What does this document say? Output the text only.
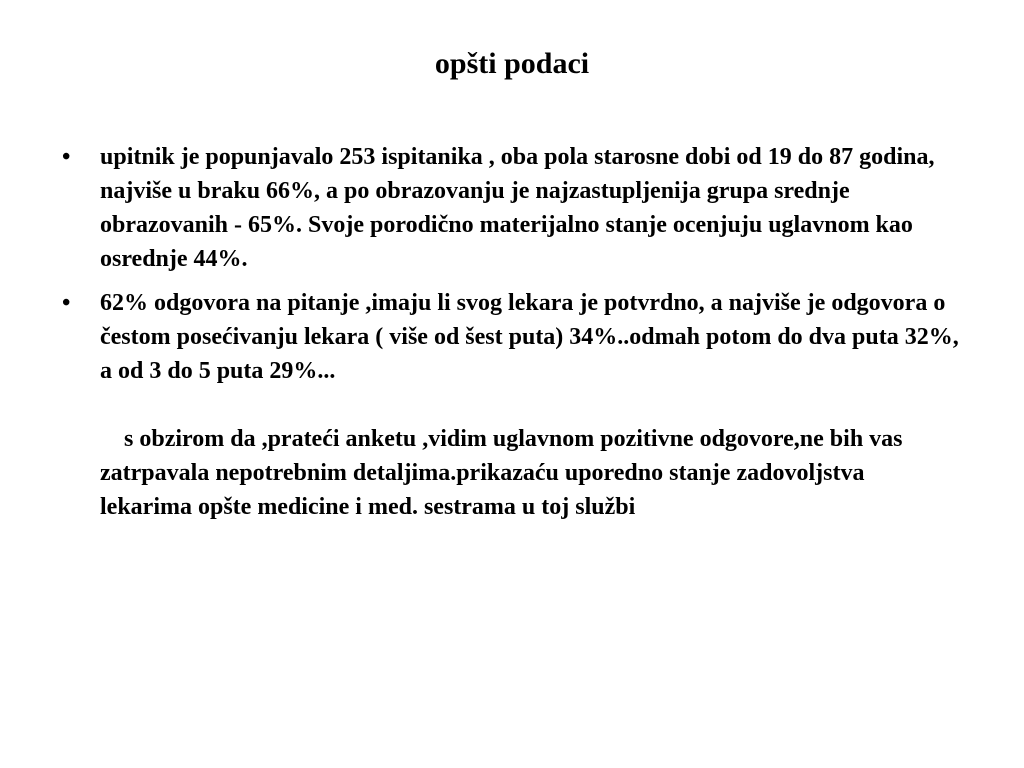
opšti podaci
•	upitnik je popunjavalo 253 ispitanika , oba pola starosne dobi od 19 do 87 godina, najviše u braku 66%, a po obrazovanju je najzastupljenija grupa srednje obrazovanih - 65%. Svoje porodično materijalno stanje ocenjuju uglavnom kao osrednje 44%.
•	62% odgovora na pitanje ,imaju li svog lekara je potvrdno, a najviše je odgovora o čestom posećivanju lekara ( više od šest puta) 34%..odmah potom do dva puta 32%, a od 3 do 5 puta 29%...

s obzirom da ,prateći anketu ,vidim uglavnom pozitivne odgovore,ne bih vas zatrpavala nepotrebnim detaljima.prikazaću uporedno stanje zadovoljstva lekarima opšte medicine i med. sestrama u toj službi
